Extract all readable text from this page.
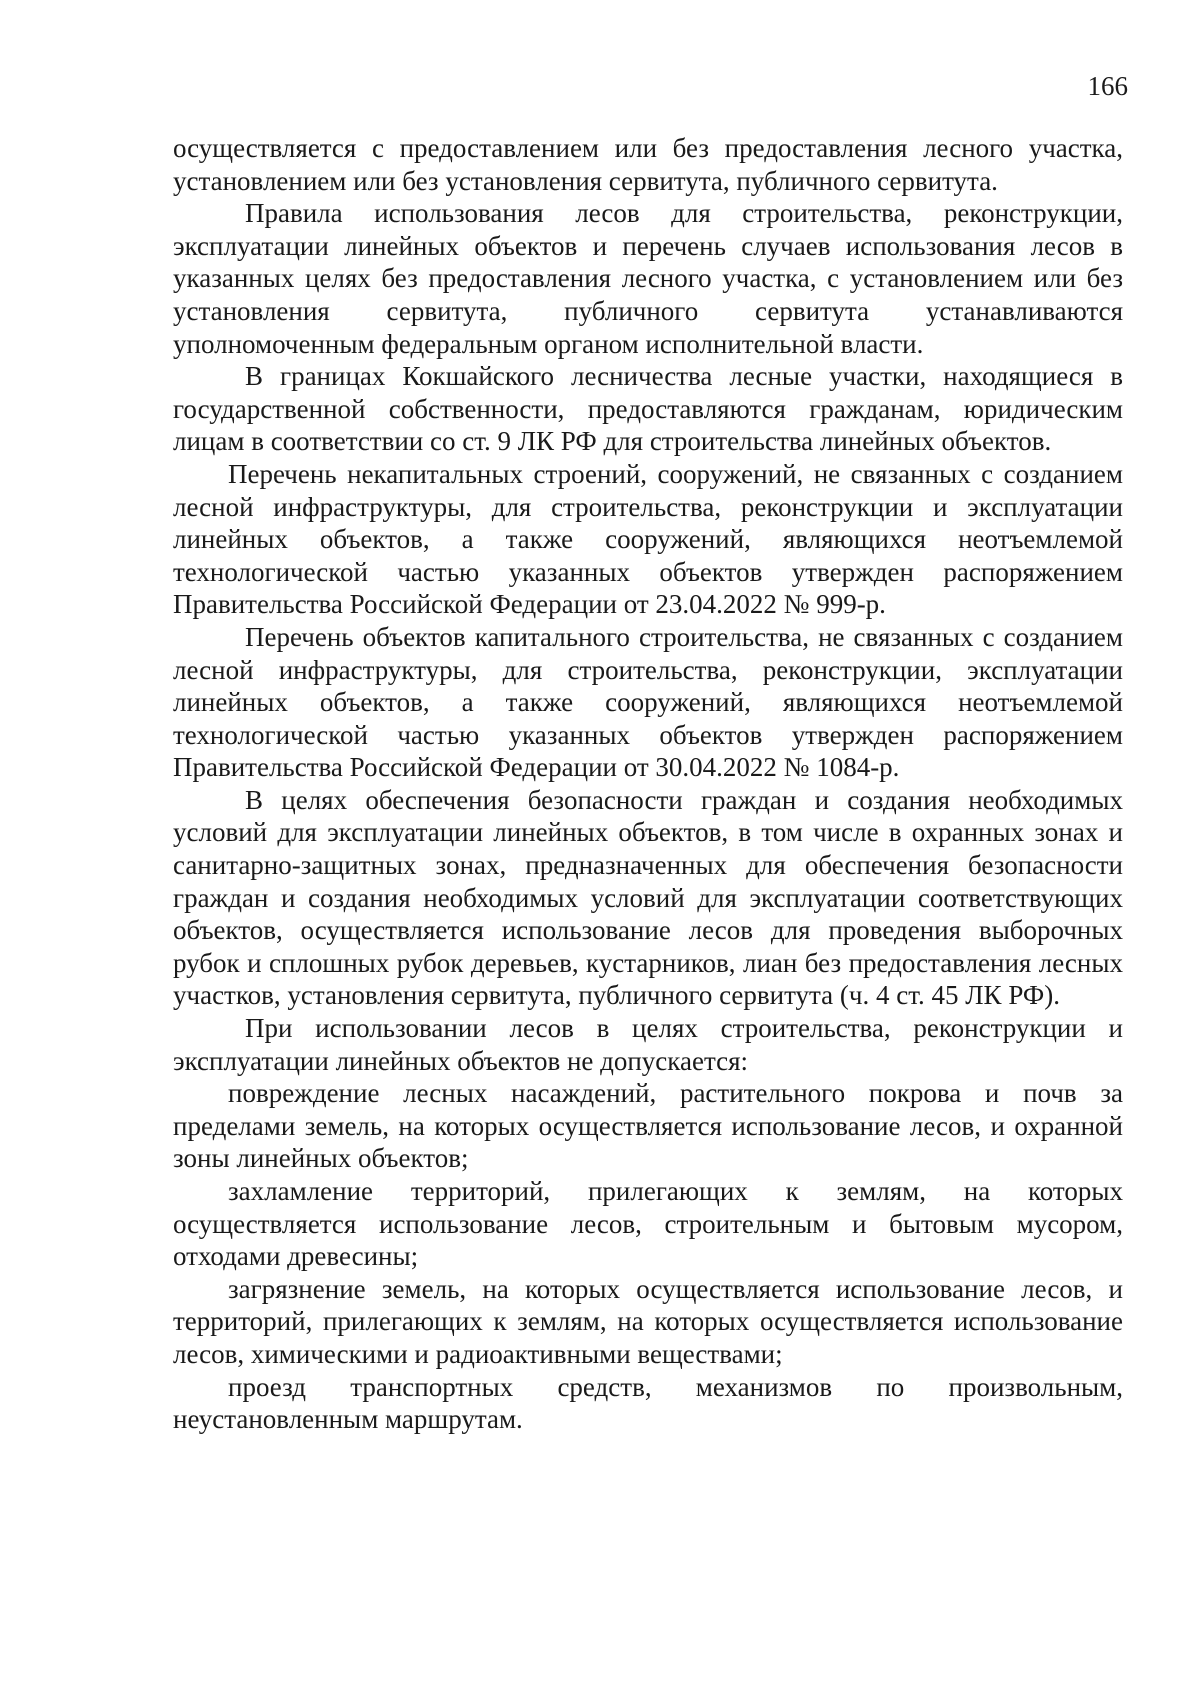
166

осуществляется с предоставлением или без предоставления лесного участка, установлением или без установления сервитута, публичного сервитута.

Правила использования лесов для строительства, реконструкции, эксплуатации линейных объектов и перечень случаев использования лесов в указанных целях без предоставления лесного участка, с установлением или без установления сервитута, публичного сервитута устанавливаются уполномоченным федеральным органом исполнительной власти.

В границах Кокшайского лесничества лесные участки, находящиеся в государственной собственности, предоставляются гражданам, юридическим лицам в соответствии со ст. 9 ЛК РФ для строительства линейных объектов.

Перечень некапитальных строений, сооружений, не связанных с созданием лесной инфраструктуры, для строительства, реконструкции и эксплуатации линейных объектов, а также сооружений, являющихся неотъемлемой технологической частью указанных объектов утвержден распоряжением Правительства Российской Федерации от 23.04.2022 № 999-р.

Перечень объектов капитального строительства, не связанных с созданием лесной инфраструктуры, для строительства, реконструкции, эксплуатации линейных объектов, а также сооружений, являющихся неотъемлемой технологической частью указанных объектов утвержден распоряжением Правительства Российской Федерации от 30.04.2022 № 1084-р.

В целях обеспечения безопасности граждан и создания необходимых условий для эксплуатации линейных объектов, в том числе в охранных зонах и санитарно-защитных зонах, предназначенных для обеспечения безопасности граждан и создания необходимых условий для эксплуатации соответствующих объектов, осуществляется использование лесов для проведения выборочных рубок и сплошных рубок деревьев, кустарников, лиан без предоставления лесных участков, установления сервитута, публичного сервитута (ч. 4 ст. 45 ЛК РФ).

При использовании лесов в целях строительства, реконструкции и эксплуатации линейных объектов не допускается:

повреждение лесных насаждений, растительного покрова и почв за пределами земель, на которых осуществляется использование лесов, и охранной зоны линейных объектов;

захламление территорий, прилегающих к землям, на которых осуществляется использование лесов, строительным и бытовым мусором, отходами древесины;

загрязнение земель, на которых осуществляется использование лесов, и территорий, прилегающих к землям, на которых осуществляется использование лесов, химическими и радиоактивными веществами;

проезд транспортных средств, механизмов по произвольным, неустановленным маршрутам.
